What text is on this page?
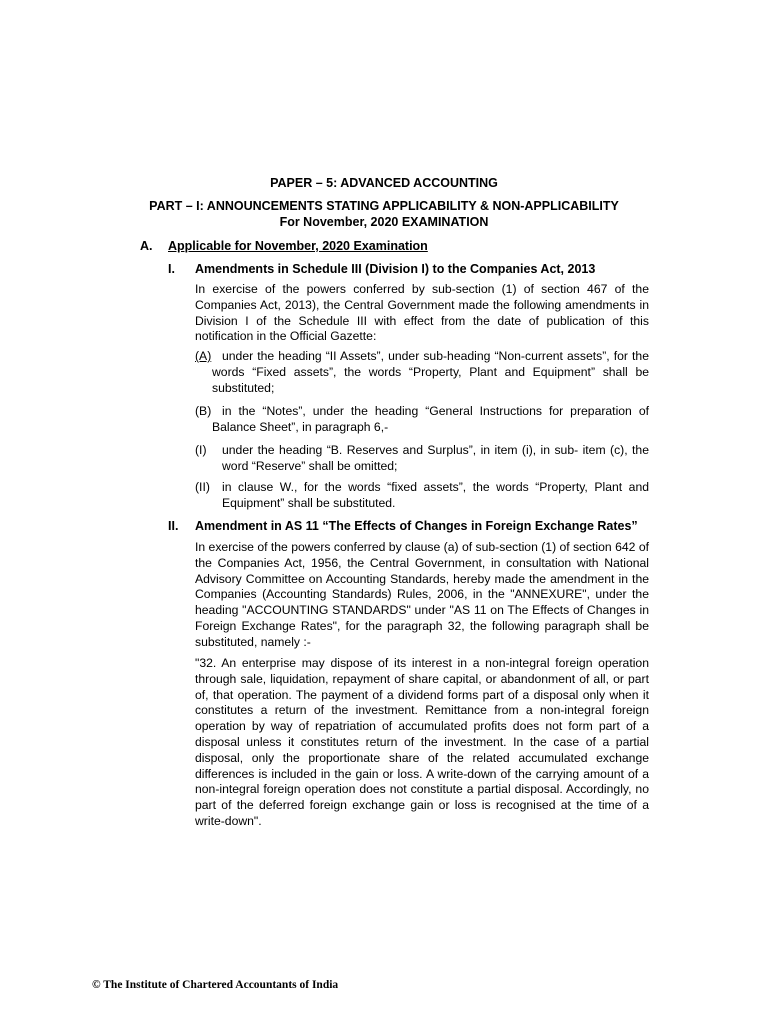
PAPER – 5: ADVANCED ACCOUNTING

PART – I: ANNOUNCEMENTS STATING APPLICABILITY & NON-APPLICABILITY

For November, 2020 EXAMINATION

A. Applicable for November, 2020 Examination

I. Amendments in Schedule III (Division I) to the Companies Act, 2013

In exercise of the powers conferred by sub-section (1) of section 467 of the Companies Act, 2013), the Central Government made the following amendments in Division I of the Schedule III with effect from the date of publication of this notification in the Official Gazette:

(A) under the heading “II Assets”, under sub-heading “Non-current assets”, for the words “Fixed assets”, the words “Property, Plant and Equipment” shall be substituted;

(B) in the “Notes”, under the heading “General Instructions for preparation of Balance Sheet”, in paragraph 6,-

(I) under the heading “B. Reserves and Surplus”, in item (i), in sub- item (c), the word “Reserve” shall be omitted;

(II) in clause W., for the words “fixed assets”, the words “Property, Plant and Equipment” shall be substituted.

II. Amendment in AS 11 “The Effects of Changes in Foreign Exchange Rates”

In exercise of the powers conferred by clause (a) of sub-section (1) of section 642 of the Companies Act, 1956, the Central Government, in consultation with National Advisory Committee on Accounting Standards, hereby made the amendment in the Companies (Accounting Standards) Rules, 2006, in the "ANNEXURE", under the heading "ACCOUNTING STANDARDS" under "AS 11 on The Effects of Changes in Foreign Exchange Rates", for the paragraph 32, the following paragraph shall be substituted, namely :-

"32. An enterprise may dispose of its interest in a non-integral foreign operation through sale, liquidation, repayment of share capital, or abandonment of all, or part of, that operation. The payment of a dividend forms part of a disposal only when it constitutes a return of the investment. Remittance from a non-integral foreign operation by way of repatriation of accumulated profits does not form part of a disposal unless it constitutes return of the investment. In the case of a partial disposal, only the proportionate share of the related accumulated exchange differences is included in the gain or loss. A write-down of the carrying amount of a non-integral foreign operation does not constitute a partial disposal. Accordingly, no part of the deferred foreign exchange gain or loss is recognised at the time of a write-down".

© The Institute of Chartered Accountants of India
